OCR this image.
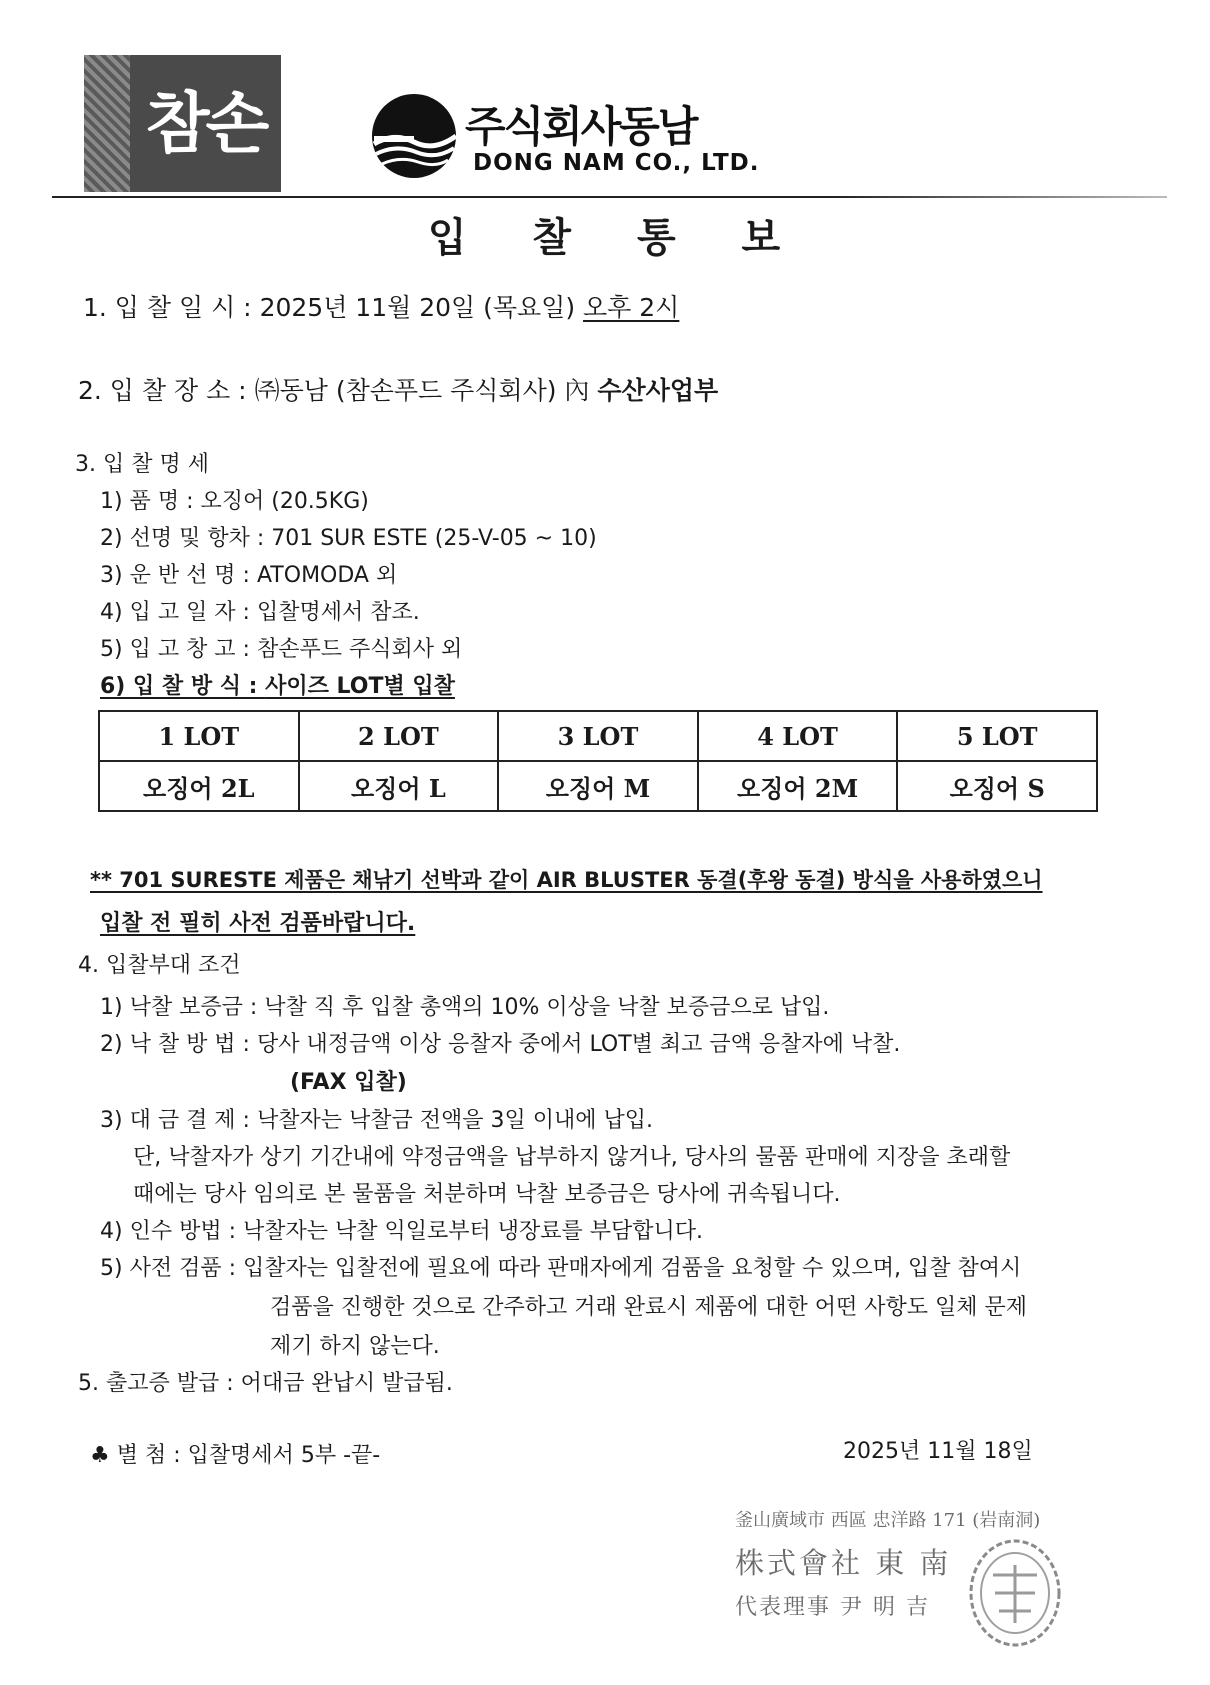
참손	주식회사동남
DONG NAM CO., LTD.
입 찰 통 보
1. 입 찰 일 시 : 2025년 11월 20일 (목요일) 오후 2시
2. 입 찰 장 소 : ㈜동남 (참손푸드 주식회사) 內 수산사업부
3. 입 찰 명 세
1) 품 명 : 오징어 (20.5KG)
2) 선명 및 항차 : 701 SUR ESTE (25-V-05 ~ 10)
3) 운 반 선 명 : ATOMODA 외
4) 입 고 일 자 : 입찰명세서 참조.
5) 입 고 창 고 : 참손푸드 주식회사 외
6) 입 찰 방 식 : 사이즈 LOT별 입찰
1 LOT	2 LOT	3 LOT	4 LOT	5 LOT
오징어 2L	오징어 L	오징어 M	오징어 2M	오징어 S
** 701 SURESTE 제품은 채낚기 선박과 같이 AIR BLUSTER 동결(후왕 동결) 방식을 사용하였으니
입찰 전 필히 사전 검품바랍니다.
4. 입찰부대 조건
1) 낙찰 보증금 : 낙찰 직 후 입찰 총액의 10% 이상을 낙찰 보증금으로 납입.
2) 낙 찰 방 법 : 당사 내정금액 이상 응찰자 중에서 LOT별 최고 금액 응찰자에 낙찰.
(FAX 입찰)
3) 대 금 결 제 : 낙찰자는 낙찰금 전액을 3일 이내에 납입.
단, 낙찰자가 상기 기간내에 약정금액을 납부하지 않거나, 당사의 물품 판매에 지장을 초래할
때에는 당사 임의로 본 물품을 처분하며 낙찰 보증금은 당사에 귀속됩니다.
4) 인수 방법 : 낙찰자는 낙찰 익일로부터 냉장료를 부담합니다.
5) 사전 검품 : 입찰자는 입찰전에 필요에 따라 판매자에게 검품을 요청할 수 있으며, 입찰 참여시
검품을 진행한 것으로 간주하고 거래 완료시 제품에 대한 어떤 사항도 일체 문제
제기 하지 않는다.
5. 출고증 발급 : 어대금 완납시 발급됨.
♣ 별 첨 : 입찰명세서 5부 -끝-	2025년 11월 18일
釜山廣域市 西區 忠洋路 171 (岩南洞)
株式會社 東 南
代表理事 尹 明 吉
